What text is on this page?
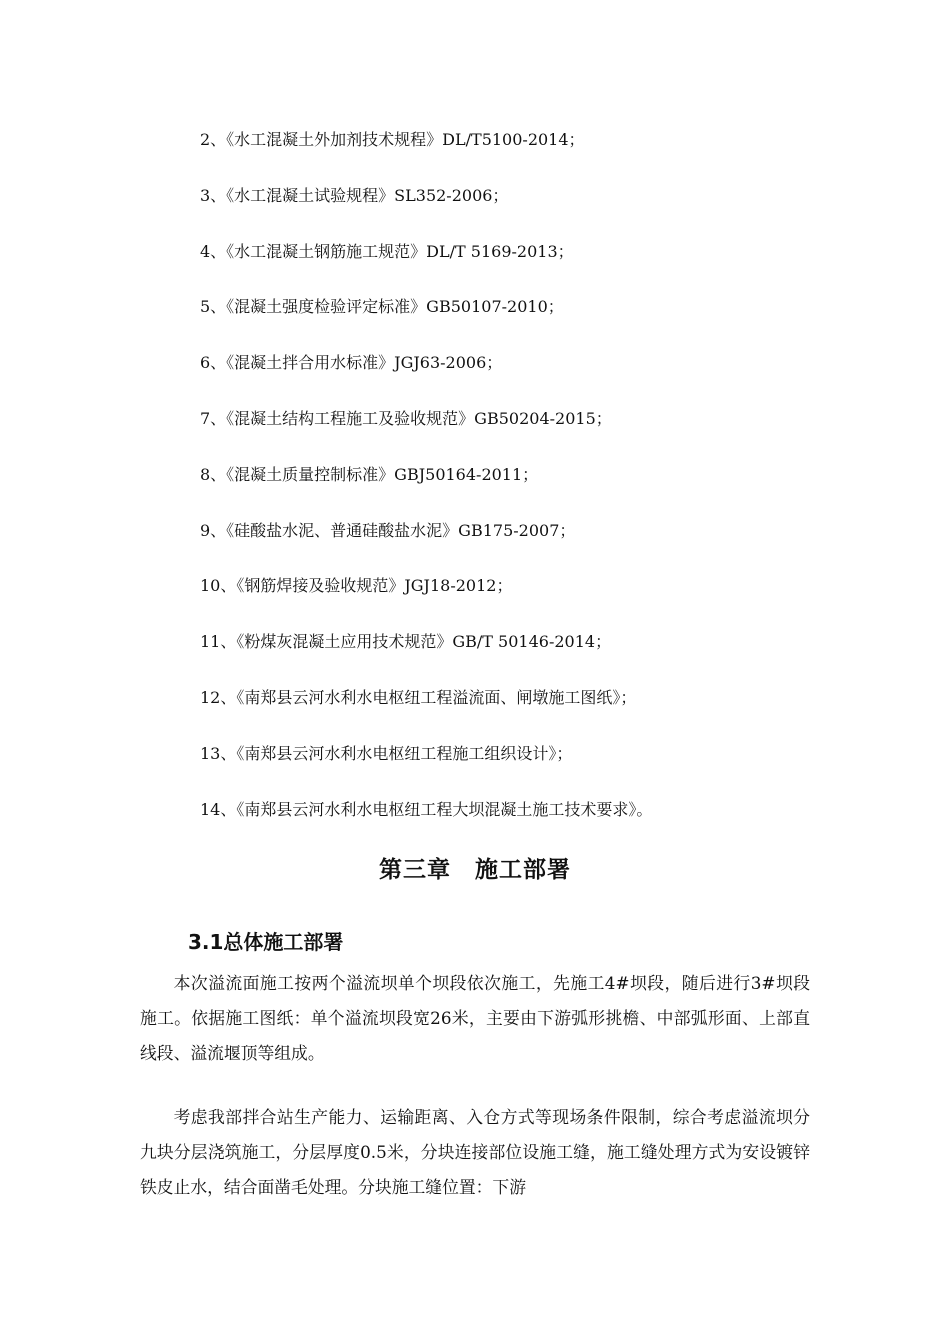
2、《水工混凝土外加剂技术规程》DL/T5100-2014；
3、《水工混凝土试验规程》SL352-2006；
4、《水工混凝土钢筋施工规范》DL/T 5169-2013；
5、《混凝土强度检验评定标准》GB50107-2010；
6、《混凝土拌合用水标准》JGJ63-2006；
7、《混凝土结构工程施工及验收规范》GB50204-2015；
8、《混凝土质量控制标准》GBJ50164-2011；
9、《硅酸盐水泥、普通硅酸盐水泥》GB175-2007；
10、《钢筋焊接及验收规范》JGJ18-2012；
11、《粉煤灰混凝土应用技术规范》GB/T 50146-2014；
12、《南郑县云河水利水电枢纽工程溢流面、闸墩施工图纸》；
13、《南郑县云河水利水电枢纽工程施工组织设计》；
14、《南郑县云河水利水电枢纽工程大坝混凝土施工技术要求》。
第三章　施工部署
3.1总体施工部署

本次溢流面施工按两个溢流坝单个坝段依次施工，先施工4#坝段，随后进行3#坝段施工。依据施工图纸：单个溢流坝段宽26米，主要由下游弧形挑檐、中部弧形面、上部直线段、溢流堰顶等组成。

考虑我部拌合站生产能力、运输距离、入仓方式等现场条件限制，综合考虑溢流坝分九块分层浇筑施工，分层厚度0.5米，分块连接部位设施工缝，施工缝处理方式为安设镀锌铁皮止水，结合面凿毛处理。分块施工缝位置：下游
